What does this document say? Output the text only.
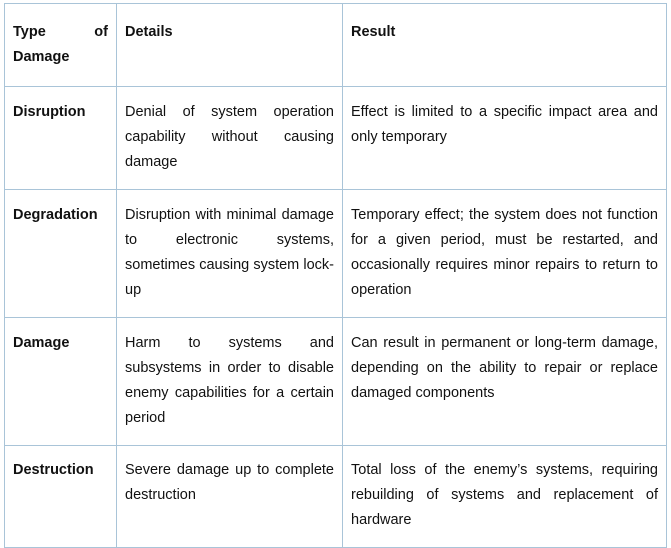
Type of Damage	Details	Result
Disruption	Denial of system operation capability without causing damage	Effect is limited to a specific impact area and only temporary
Degradation	Disruption with minimal damage to electronic systems, sometimes causing system lock-up	Temporary effect; the system does not function for a given period, must be restarted, and occasionally requires minor repairs to return to operation
Damage	Harm to systems and subsystems in order to disable enemy capabilities for a certain period	Can result in permanent or long-term damage, depending on the ability to repair or replace damaged components
Destruction	Severe damage up to complete destruction	Total loss of the enemy’s systems, requiring rebuilding of systems and replacement of hardware
